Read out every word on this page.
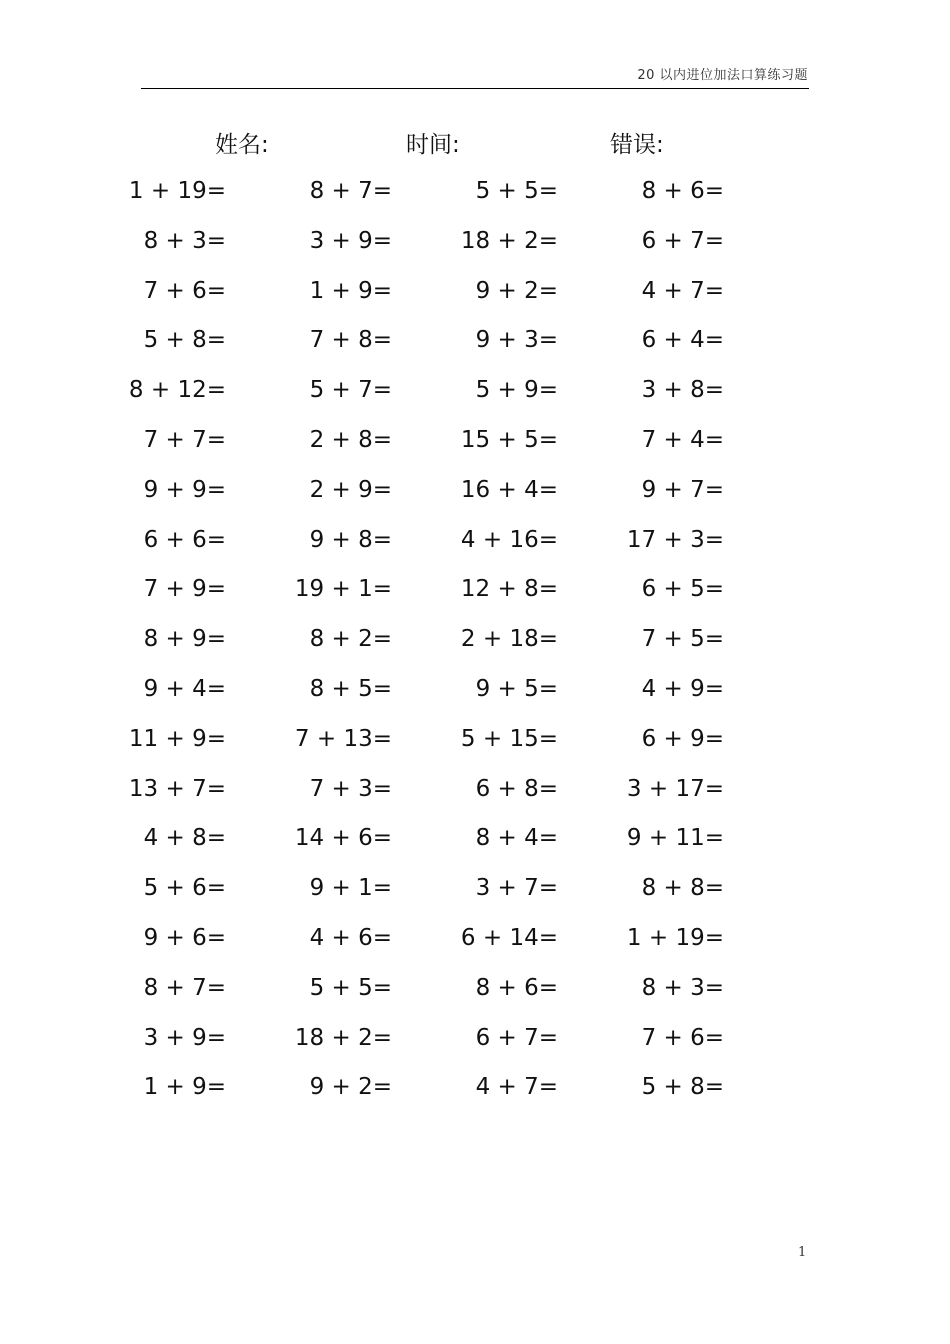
20 以内进位加法口算练习题
姓名:	时间:	错误:
1 + 19=	8 + 7=	5 + 5=	8 + 6=
8 + 3=	3 + 9=	18 + 2=	6 + 7=
7 + 6=	1 + 9=	9 + 2=	4 + 7=
5 + 8=	7 + 8=	9 + 3=	6 + 4=
8 + 12=	5 + 7=	5 + 9=	3 + 8=
7 + 7=	2 + 8=	15 + 5=	7 + 4=
9 + 9=	2 + 9=	16 + 4=	9 + 7=
6 + 6=	9 + 8=	4 + 16=	17 + 3=
7 + 9=	19 + 1=	12 + 8=	6 + 5=
8 + 9=	8 + 2=	2 + 18=	7 + 5=
9 + 4=	8 + 5=	9 + 5=	4 + 9=
11 + 9=	7 + 13=	5 + 15=	6 + 9=
13 + 7=	7 + 3=	6 + 8=	3 + 17=
4 + 8=	14 + 6=	8 + 4=	9 + 11=
5 + 6=	9 + 1=	3 + 7=	8 + 8=
9 + 6=	4 + 6=	6 + 14=	1 + 19=
8 + 7=	5 + 5=	8 + 6=	8 + 3=
3 + 9=	18 + 2=	6 + 7=	7 + 6=
1 + 9=	9 + 2=	4 + 7=	5 + 8=
1
